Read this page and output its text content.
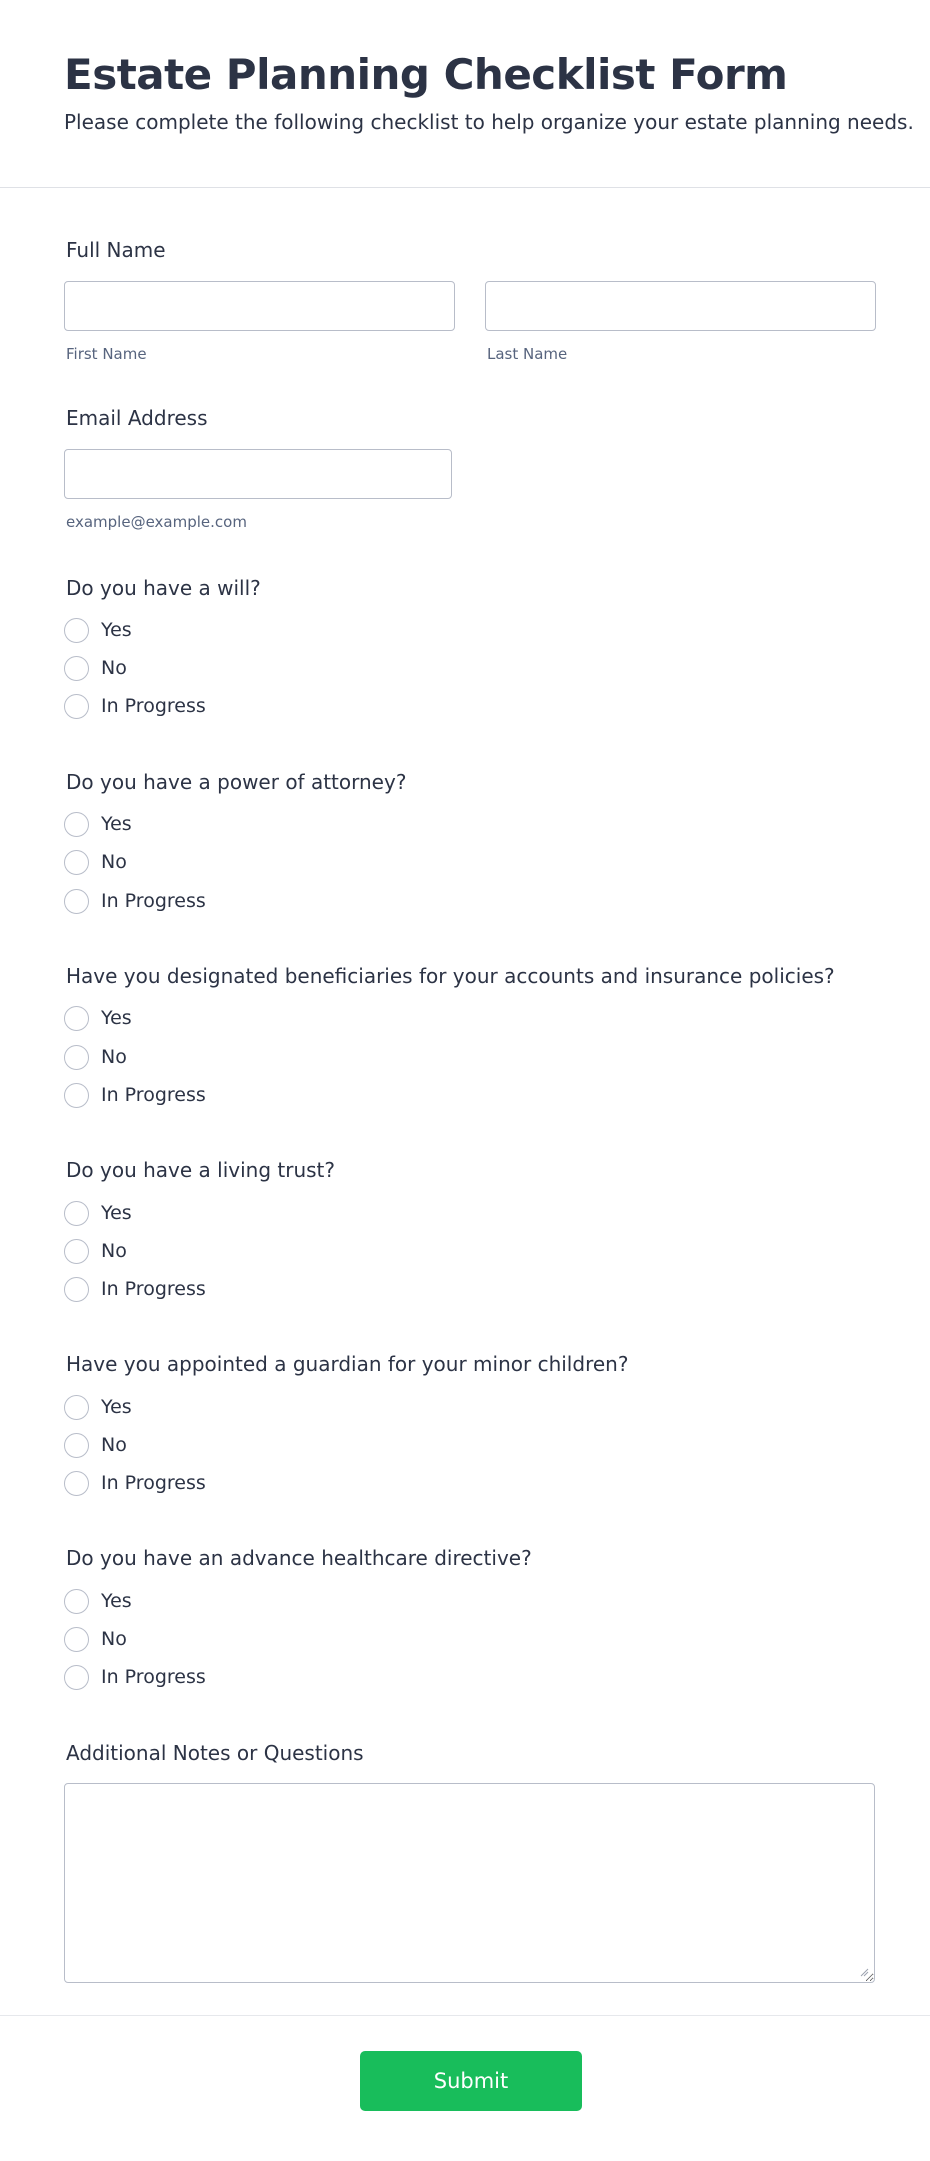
Estate Planning Checklist Form

Please complete the following checklist to help organize your estate planning needs.

Full Name
First Name	Last Name
Email Address
example@example.com
Do you have a will?
Yes
No
In Progress
Do you have a power of attorney?
Yes
No
In Progress
Have you designated beneficiaries for your accounts and insurance policies?
Yes
No
In Progress
Do you have a living trust?
Yes
No
In Progress
Have you appointed a guardian for your minor children?
Yes
No
In Progress
Do you have an advance healthcare directive?
Yes
No
In Progress
Additional Notes or Questions
Submit
